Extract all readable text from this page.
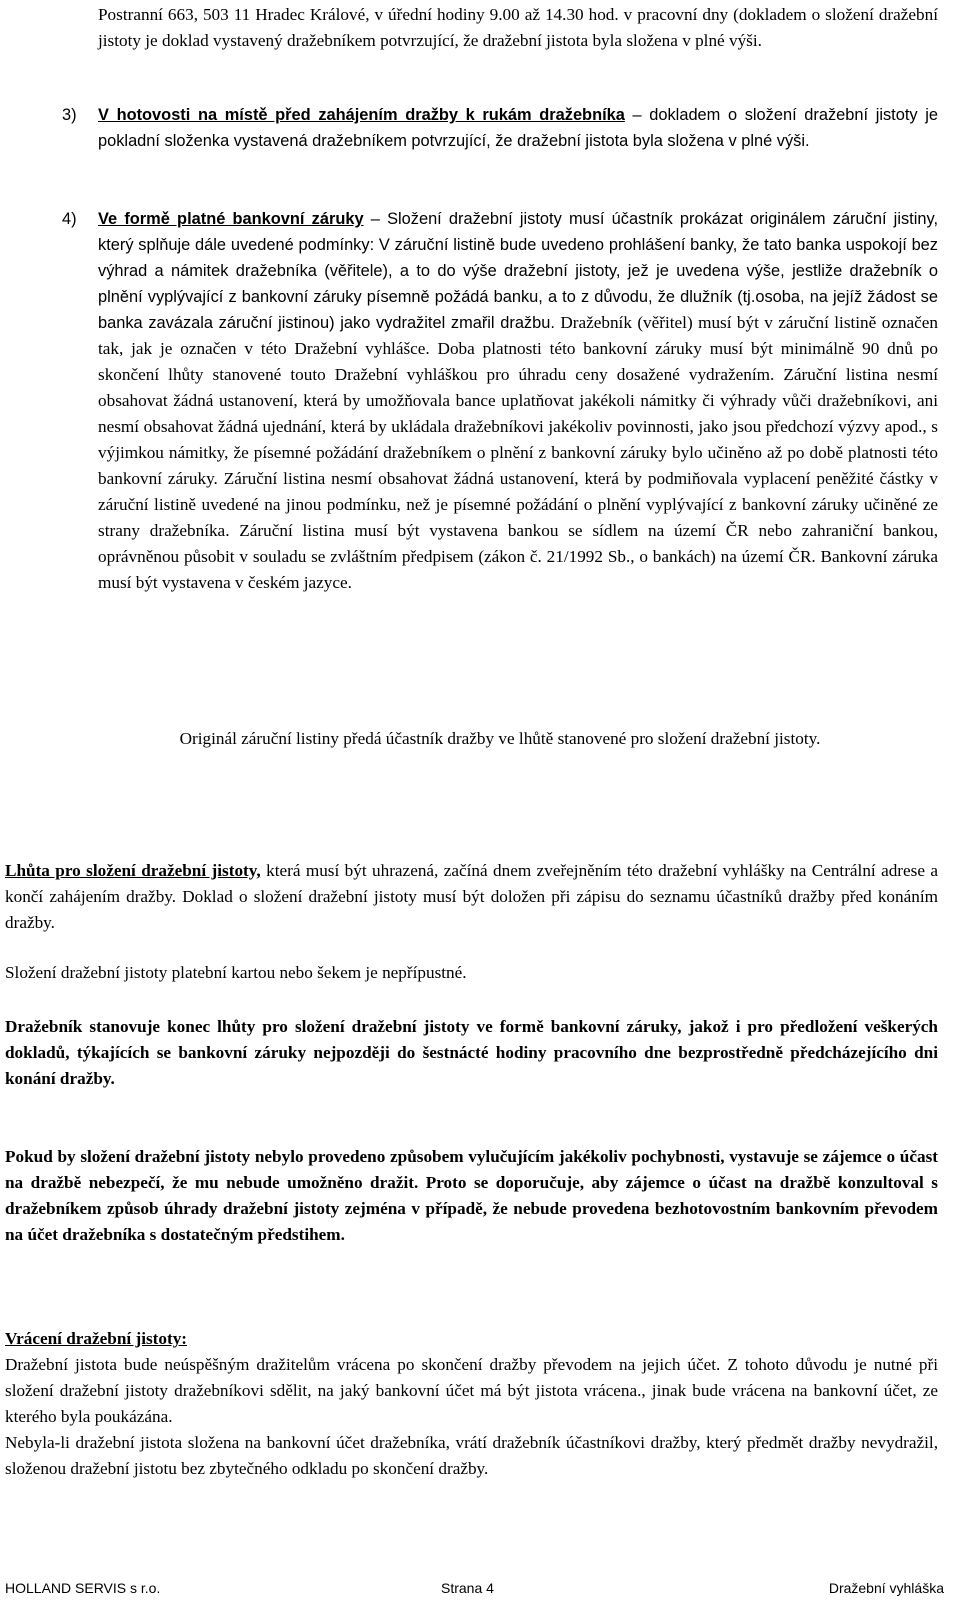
Postranní 663, 503 11 Hradec Králové, v úřední hodiny 9.00 až 14.30 hod. v pracovní dny (dokladem o složení dražební jistoty je doklad vystavený dražebníkem potvrzující, že dražební jistota byla složena v plné výši.

3) V hotovosti na místě před zahájením dražby k rukám dražebníka – dokladem o složení dražební jistoty je pokladní složenka vystavená dražebníkem potvrzující, že dražební jistota byla složena v plné výši.

4) Ve formě platné bankovní záruky – Složení dražební jistoty musí účastník prokázat originálem záruční jistiny, který splňuje dále uvedené podmínky: V záruční listině bude uvedeno prohlášení banky, že tato banka uspokojí bez výhrad a námitek dražebníka (věřitele), a to do výše dražební jistoty, jež je uvedena výše, jestliže dražebník o plnění vyplývající z bankovní záruky písemně požádá banku, a to z důvodu, že dlužník (tj.osoba, na jejíž žádost se banka zavázala záruční jistinou) jako vydražitel zmařil dražbu. Dražebník (věřitel) musí být v záruční listině označen tak, jak je označen v této Dražební vyhlášce. Doba platnosti této bankovní záruky musí být minimálně 90 dnů po skončení lhůty stanovené touto Dražební vyhláškou pro úhradu ceny dosažené vydražením. Záruční listina nesmí obsahovat žádná ustanovení, která by umožňovala bance uplatňovat jakékoli námitky či výhrady vůči dražebníkovi, ani nesmí obsahovat žádná ujednání, která by ukládala dražebníkovi jakékoliv povinnosti, jako jsou předchozí výzvy apod., s výjimkou námitky, že písemné požádání dražebníkem o plnění z bankovní záruky bylo učiněno až po době platnosti této bankovní záruky. Záruční listina nesmí obsahovat žádná ustanovení, která by podmiňovala vyplacení peněžité částky v záruční listině uvedené na jinou podmínku, než je písemné požádání o plnění vyplývající z bankovní záruky učiněné ze strany dražebníka. Záruční listina musí být vystavena bankou se sídlem na území ČR nebo zahraniční bankou, oprávněnou působit v souladu se zvláštním předpisem (zákon č. 21/1992 Sb., o bankách) na území ČR. Bankovní záruka musí být vystavena v českém jazyce.

Originál záruční listiny předá účastník dražby ve lhůtě stanovené pro složení dražební jistoty.

Lhůta pro složení dražební jistoty, která musí být uhrazená, začíná dnem zveřejněním této dražební vyhlášky na Centrální adrese a končí zahájením dražby. Doklad o složení dražební jistoty musí být doložen při zápisu do seznamu účastníků dražby před konáním dražby.

Složení dražební jistoty platební kartou nebo šekem je nepřípustné.

Dražebník stanovuje konec lhůty pro složení dražební jistoty ve formě bankovní záruky, jakož i pro předložení veškerých dokladů, týkajících se bankovní záruky nejpozději do šestnácté hodiny pracovního dne bezprostředně předcházejícího dni konání dražby.

Pokud by složení dražební jistoty nebylo provedeno způsobem vylučujícím jakékoliv pochybnosti, vystavuje se zájemce o účast na dražbě nebezpečí, že mu nebude umožněno dražit. Proto se doporučuje, aby zájemce o účast na dražbě konzultoval s dražebníkem způsob úhrady dražební jistoty zejména v případě, že nebude provedena bezhotovostním bankovním převodem na účet dražebníka s dostatečným předstihem.

Vrácení dražební jistoty:

Dražební jistota bude neúspěšným dražitelům vrácena po skončení dražby převodem na jejich účet. Z tohoto důvodu je nutné při složení dražební jistoty dražebníkovi sdělit, na jaký bankovní účet má být jistota vrácena., jinak bude vrácena na bankovní účet, ze kterého byla poukázána.

Nebyla-li dražební jistota složena na bankovní účet dražebníka, vrátí dražebník účastníkovi dražby, který předmět dražby nevydražil, složenou dražební jistotu bez zbytečného odkladu po skončení dražby.

HOLLAND SERVIS s r.o.	Strana 4	Dražební vyhláška
